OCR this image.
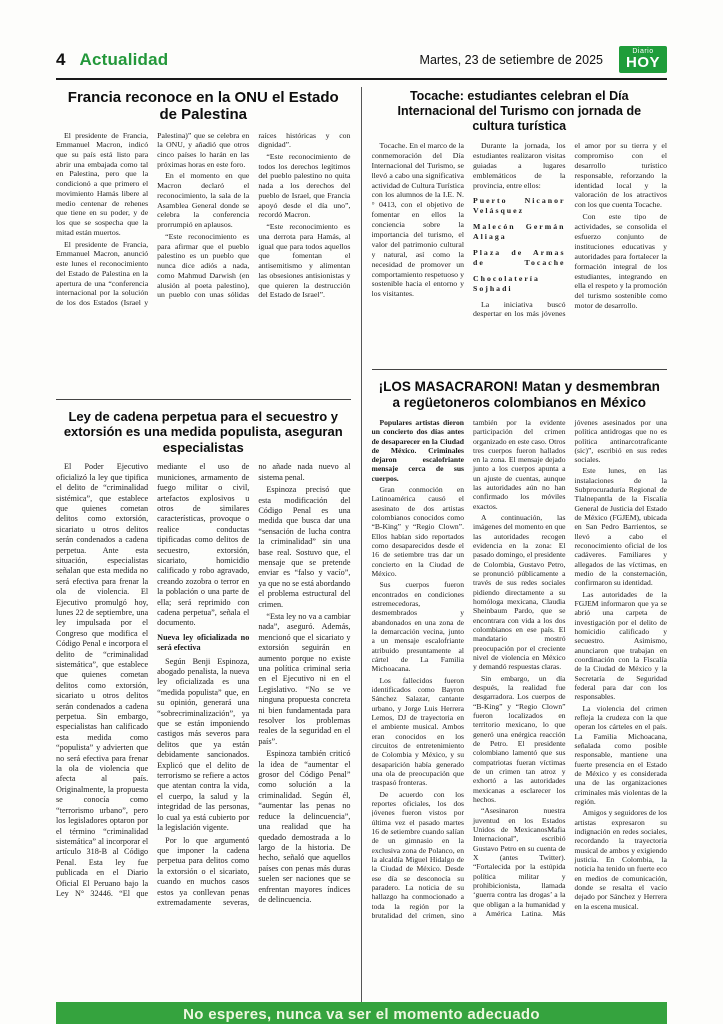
4 Actualidad	Martes, 23 de setiembre de 2025
Diario
HOY
Francia reconoce en la ONU el Estado de Palestina

El presidente de Francia, Emmanuel Macron, indicó que su país está listo para abrir una embajada como tal en Palestina, pero que la condicionó a que primero el movimiento Hamás libere al medio centenar de rehenes que tiene en su poder, y de los que se sospecha que la mitad están muertos.

El presidente de Francia, Emmanuel Macron, anunció este lunes el reconocimiento del Estado de Palestina en la apertura de una “conferencia internacional por la solución de los dos Estados (Israel y Palestina)” que se celebra en la ONU, y añadió que otros cinco países lo harán en las próximas horas en este foro.

En el momento en que Macron declaró el reconocimiento, la sala de la Asamblea General donde se celebra la conferencia prorrumpió en aplausos.

“Este reconocimiento es para afirmar que el pueblo palestino es un pueblo que nunca dice adiós a nada, como Mahmud Darwish (en alusión al poeta palestino), un pueblo con unas sólidas raíces históricas y con dignidad”.

“Este reconocimiento de todos los derechos legítimos del pueblo palestino no quita nada a los derechos del pueblo de Israel, que Francia apoyó desde el día uno”, recordó Macron.

“Este reconocimiento es una derrota para Hamás, al igual que para todos aquellos que fomentan el antisemitismo y alimentan las obsesiones antisionistas y que quieren la destrucción del Estado de Israel”.

Ley de cadena perpetua para el secuestro y extorsión es una medida populista, aseguran especialistas

El Poder Ejecutivo oficializó la ley que tipifica el delito de “criminalidad sistémica”, que establece que quienes cometan delitos como extorsión, sicariato u otros delitos serán condenados a cadena perpetua. Ante esta situación, especialistas señalan que esta medida no será efectiva para frenar la ola de violencia. El Ejecutivo promulgó hoy, lunes 22 de septiembre, una ley impulsada por el Congreso que modifica el Código Penal e incorpora el delito de “criminalidad sistemática”, que establece que quienes cometan delitos como extorsión, sicariato u otros delitos serán condenados a cadena perpetua. Sin embargo, especialistas han calificado esta medida como “populista” y advierten que no será efectiva para frenar la ola de violencia que afecta al país. Originalmente, la propuesta se conocía como “terrorismo urbano”, pero los legisladores optaron por el término “criminalidad sistemática” al incorporar el artículo 318-B al Código Penal. Esta ley fue publicada en el Diario Oficial El Peruano bajo la Ley N° 32446. “El que mediante el uso de municiones, armamento de fuego militar o civil, artefactos explosivos u otros de similares características, provoque o realice conductas tipificadas como delitos de secuestro, extorsión, sicariato, homicidio calificado y robo agravado, creando zozobra o terror en la población o una parte de ella; será reprimido con cadena perpetua”, señala el documento.

Nueva ley oficializada no será efectiva

Según Benji Espinoza, abogado penalista, la nueva ley oficializada es una “medida populista” que, en su opinión, generará una “sobrecriminalización”, ya que se están imponiendo castigos más severos para delitos que ya están debidamente sancionados. Explicó que el delito de terrorismo se refiere a actos que atentan contra la vida, el cuerpo, la salud y la integridad de las personas, lo cual ya está cubierto por la legislación vigente.

Por lo que argumentó que imponer la cadena perpetua para delitos como la extorsión o el sicariato, cuando en muchos casos estos ya conllevan penas extremadamente severas, no añade nada nuevo al sistema penal.

Espinoza precisó que esta modificación del Código Penal es una medida que busca dar una “sensación de lucha contra la criminalidad” sin una base real. Sostuvo que, el mensaje que se pretende enviar es “falso y vacío”, ya que no se está abordando el problema estructural del crimen.

“Esta ley no va a cambiar nada”, aseguró. Además, mencionó que el sicariato y extorsión seguirán en aumento porque no existe una política criminal seria en el Ejecutivo ni en el Legislativo. “No se ve ninguna propuesta concreta ni bien fundamentada para resolver los problemas reales de la seguridad en el país”.

Espinoza también criticó la idea de “aumentar el grosor del Código Penal” como solución a la criminalidad. Según él, “aumentar las penas no reduce la delincuencia”, una realidad que ha quedado demostrada a lo largo de la historia. De hecho, señaló que aquellos países con penas más duras suelen ser naciones que se enfrentan mayores índices de delincuencia.

Tocache: estudiantes celebran el Día Internacional del Turismo con jornada de cultura turística

Tocache. En el marco de la conmemoración del Día Internacional del Turismo, se llevó a cabo una significativa actividad de Cultura Turística con los alumnos de la I.E. N.° 0413, con el objetivo de fomentar en ellos la conciencia sobre la importancia del turismo, el valor del patrimonio cultural y natural, así como la necesidad de promover un comportamiento respetuoso y sostenible hacia el entorno y los visitantes.

Durante la jornada, los estudiantes realizaron visitas guiadas a lugares emblemáticos de la provincia, entre ellos:

Puerto Nicanor Velásquez

Malecón Germán Aliaga

Plaza de Armas de Tocache

Chocolatería Sojhadi

La iniciativa buscó despertar en los más jóvenes el amor por su tierra y el compromiso con el desarrollo turístico responsable, reforzando la identidad local y la valoración de los atractivos con los que cuenta Tocache.

Con este tipo de actividades, se consolida el esfuerzo conjunto de instituciones educativas y autoridades para fortalecer la formación integral de los estudiantes, integrando en ella el respeto y la promoción del turismo sostenible como motor de desarrollo.

¡LOS MASACRARON! Matan y desmembran a regüetoneros colombianos en México

Populares artistas dieron un concierto dos días antes de desaparecer en la Ciudad de México. Criminales dejaron escalofriante mensaje cerca de sus cuerpos.

Gran conmoción en Latinoamérica causó el asesinato de dos artistas colombianos conocidos como “B-King” y “Regio Clown”. Ellos habían sido reportados como desaparecidos desde el 16 de setiembre tras dar un concierto en la Ciudad de México.

Sus cuerpos fueron encontrados en condiciones estremecedoras, desmembrados y abandonados en una zona de la demarcación vecina, junto a un mensaje escalofriante atribuido presuntamente al cártel de La Familia Michoacana.

Los fallecidos fueron identificados como Bayron Sánchez Salazar, cantante urbano, y Jorge Luis Herrera Lemos, DJ de trayectoria en el ambiente musical. Ambos eran conocidos en los circuitos de entretenimiento de Colombia y México, y su desaparición había generado una ola de preocupación que traspasó fronteras.

De acuerdo con los reportes oficiales, los dos jóvenes fueron vistos por última vez el pasado martes 16 de setiembre cuando salían de un gimnasio en la exclusiva zona de Polanco, en la alcaldía Miguel Hidalgo de la Ciudad de México. Desde ese día se desconocía su paradero. La noticia de su hallazgo ha conmocionado a toda la región por la brutalidad del crimen, sino también por la evidente participación del crimen organizado en este caso. Otros tres cuerpos fueron hallados en la zona. El mensaje dejado junto a los cuerpos apunta a un ajuste de cuentas, aunque las autoridades aún no han confirmado los móviles exactos.

A continuación, las imágenes del momento en que las autoridades recogen evidencia en la zona: El pasado domingo, el presidente de Colombia, Gustavo Petro, se pronunció públicamente a través de sus redes sociales pidiendo directamente a su homóloga mexicana, Claudia Sheinbaum Pardo, que se encontrara con vida a los dos colombianos en ese país. El mandatario mostró preocupación por el creciente nivel de violencia en México y demandó respuestas claras.

Sin embargo, un día después, la realidad fue desgarradora. Los cuerpos de “B-King” y “Regio Clown” fueron localizados en territorio mexicano, lo que generó una enérgica reacción de Petro. El presidente colombiano lamentó que sus compatriotas fueran víctimas de un crimen tan atroz y exhortó a las autoridades mexicanas a esclarecer los hechos.

“Asesinaron nuestra juventud en los Estados Unidos de MexicanosMafia Internacional”, escribió Gustavo Petro en su cuenta de X (antes Twitter). “Fortalecida por la estúpida política militar y prohibicionista, llamada ‘guerra contra las drogas’ a la que obligan a la humanidad y a América Latina. Más jóvenes asesinados por una política antidrogas que no es política antinarcotraficante (sic)”, escribió en sus redes sociales.

Este lunes, en las instalaciones de la Subprocuraduría Regional de Tlalnepantla de la Fiscalía General de Justicia del Estado de México (FGJEM), ubicada en San Pedro Barrientos, se llevó a cabo el reconocimiento oficial de los cadáveres. Familiares y allegados de las víctimas, en medio de la consternación, confirmaron su identidad.

Las autoridades de la FGJEM informaron que ya se abrió una carpeta de investigación por el delito de homicidio calificado y secuestro. Asimismo, anunciaron que trabajan en coordinación con la Fiscalía de la Ciudad de México y la Secretaría de Seguridad federal para dar con los responsables.

La violencia del crimen refleja la crudeza con la que operan los cárteles en el país. La Familia Michoacana, señalada como posible responsable, mantiene una fuerte presencia en el Estado de México y es considerada una de las organizaciones criminales más violentas de la región.

Amigos y seguidores de los artistas expresaron su indignación en redes sociales, recordando la trayectoria musical de ambos y exigiendo justicia. En Colombia, la noticia ha tenido un fuerte eco en medios de comunicación, donde se resalta el vacío dejado por Sánchez y Herrera en la escena musical.

No esperes, nunca va ser el momento adecuado
